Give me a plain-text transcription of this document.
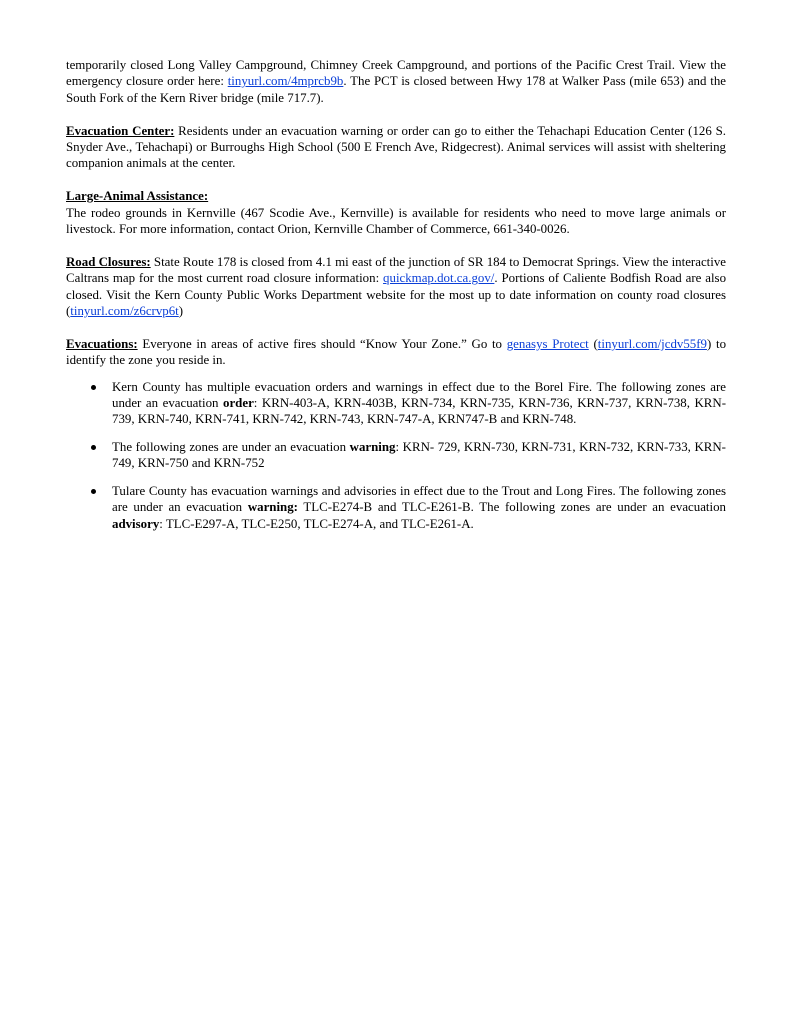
temporarily closed Long Valley Campground, Chimney Creek Campground, and portions of the Pacific Crest Trail. View the emergency closure order here: tinyurl.com/4mprcb9b. The PCT is closed between Hwy 178 at Walker Pass (mile 653) and the South Fork of the Kern River bridge (mile 717.7).

Evacuation Center: Residents under an evacuation warning or order can go to either the Tehachapi Education Center (126 S. Snyder Ave., Tehachapi) or Burroughs High School (500 E French Ave, Ridgecrest). Animal services will assist with sheltering companion animals at the center.

Large-Animal Assistance:

The rodeo grounds in Kernville (467 Scodie Ave., Kernville) is available for residents who need to move large animals or livestock. For more information, contact Orion, Kernville Chamber of Commerce, 661-340-0026.

Road Closures: State Route 178 is closed from 4.1 mi east of the junction of SR 184 to Democrat Springs. View the interactive Caltrans map for the most current road closure information: quickmap.dot.ca.gov/. Portions of Caliente Bodfish Road are also closed. Visit the Kern County Public Works Department website for the most up to date information on county road closures (tinyurl.com/z6crvp6t)

Evacuations: Everyone in areas of active fires should “Know Your Zone.” Go to genasys Protect (tinyurl.com/jcdv55f9) to identify the zone you reside in.

Kern County has multiple evacuation orders and warnings in effect due to the Borel Fire. The following zones are under an evacuation order: KRN-403-A, KRN-403B, KRN-734, KRN-735, KRN-736, KRN-737, KRN-738, KRN-739, KRN-740, KRN-741, KRN-742, KRN-743, KRN-747-A, KRN747-B and KRN-748.
The following zones are under an evacuation warning: KRN- 729, KRN-730, KRN-731, KRN-732, KRN-733, KRN-749, KRN-750 and KRN-752
Tulare County has evacuation warnings and advisories in effect due to the Trout and Long Fires. The following zones are under an evacuation warning: TLC-E274-B and TLC-E261-B. The following zones are under an evacuation advisory: TLC-E297-A, TLC-E250, TLC-E274-A, and TLC-E261-A.
